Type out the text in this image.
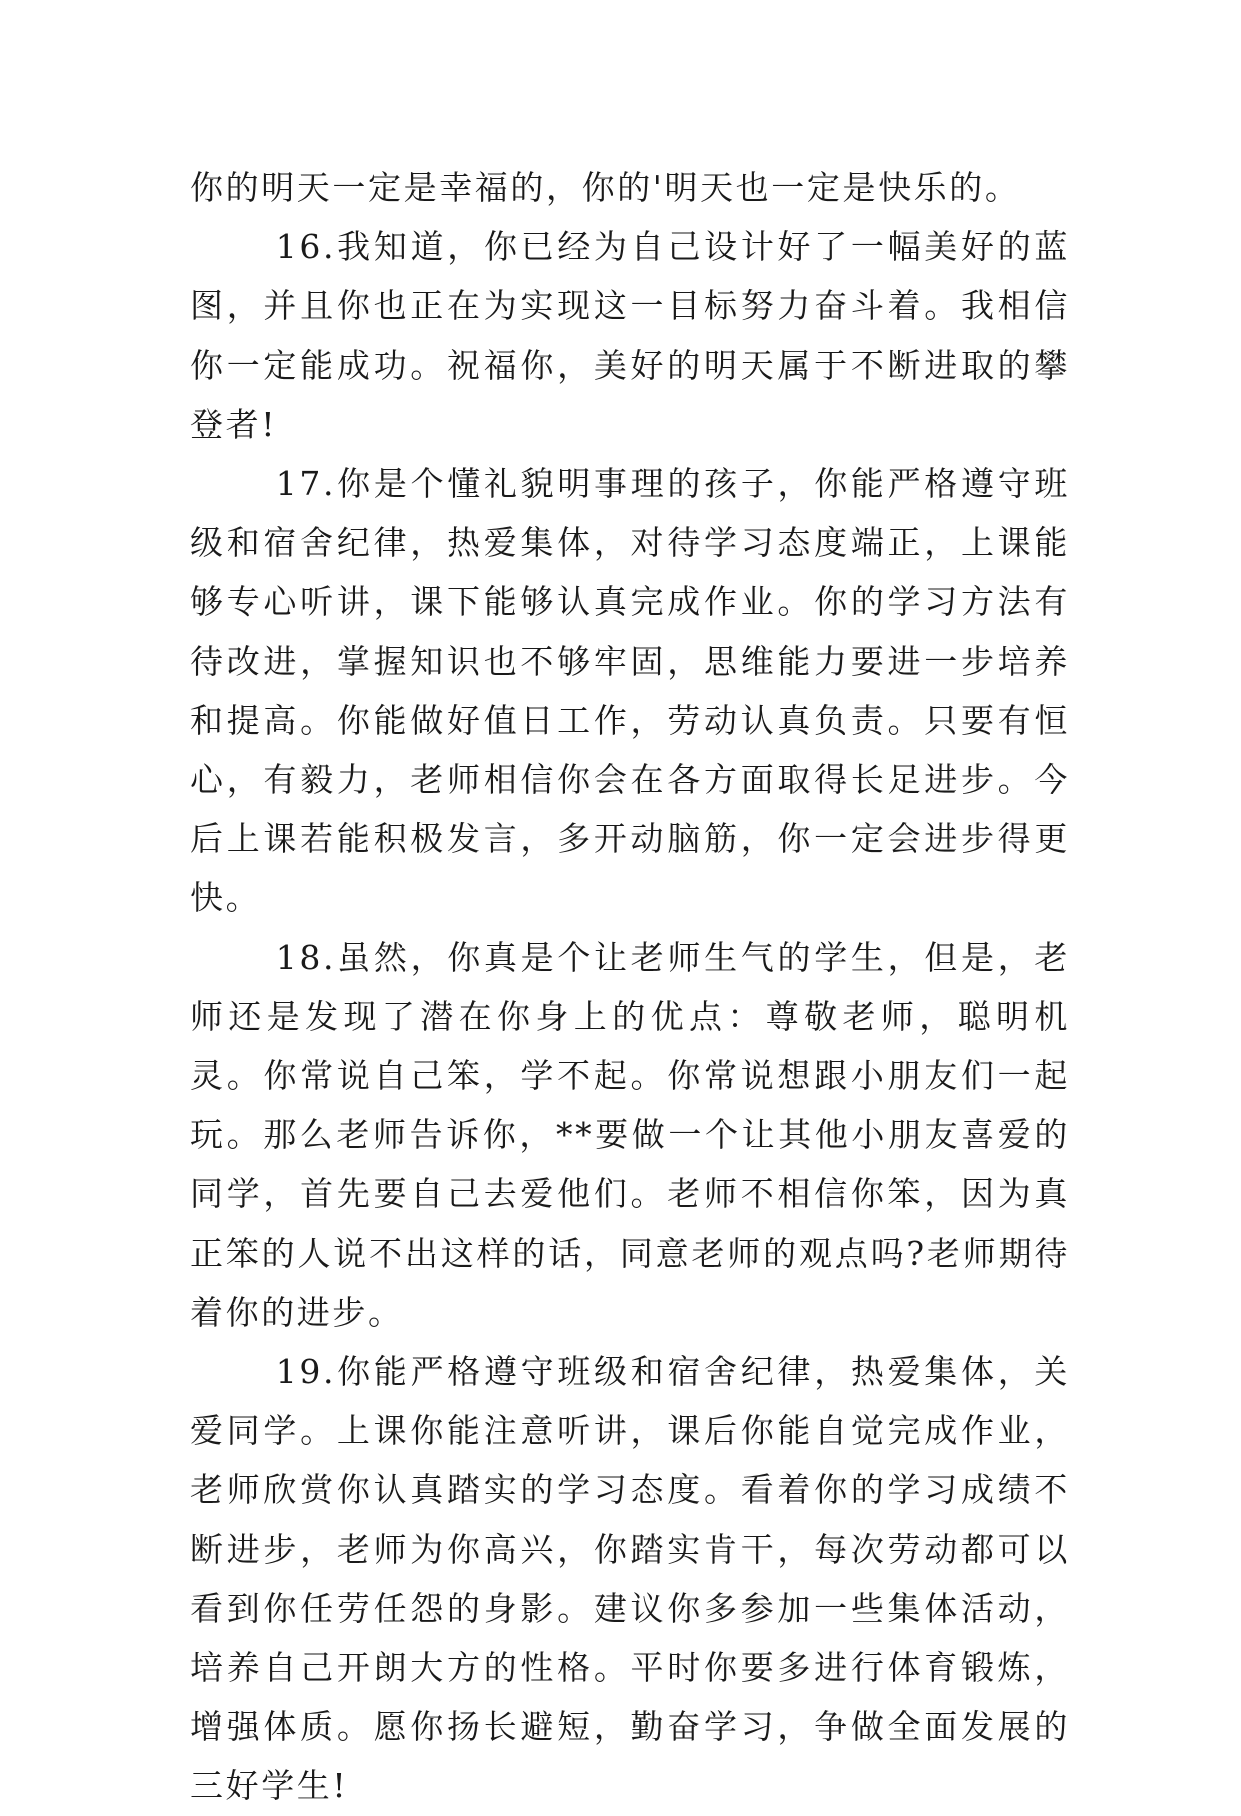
你的明天一定是幸福的，你的'明天也一定是快乐的。

16.我知道，你已经为自己设计好了一幅美好的蓝图，并且你也正在为实现这一目标努力奋斗着。我相信你一定能成功。祝福你，美好的明天属于不断进取的攀登者!

17.你是个懂礼貌明事理的孩子，你能严格遵守班级和宿舍纪律，热爱集体，对待学习态度端正，上课能够专心听讲，课下能够认真完成作业。你的学习方法有待改进，掌握知识也不够牢固，思维能力要进一步培养和提高。你能做好值日工作，劳动认真负责。只要有恒心，有毅力，老师相信你会在各方面取得长足进步。今后上课若能积极发言，多开动脑筋，你一定会进步得更快。

18.虽然，你真是个让老师生气的学生，但是，老师还是发现了潜在你身上的优点：尊敬老师，聪明机灵。你常说自己笨，学不起。你常说想跟小朋友们一起玩。那么老师告诉你，**要做一个让其他小朋友喜爱的同学，首先要自己去爱他们。老师不相信你笨，因为真正笨的人说不出这样的话，同意老师的观点吗?老师期待着你的进步。

19.你能严格遵守班级和宿舍纪律，热爱集体，关爱同学。上课你能注意听讲，课后你能自觉完成作业，老师欣赏你认真踏实的学习态度。看着你的学习成绩不断进步，老师为你高兴，你踏实肯干，每次劳动都可以看到你任劳任怨的身影。建议你多参加一些集体活动，培养自己开朗大方的性格。平时你要多进行体育锻炼，增强体质。愿你扬长避短，勤奋学习，争做全面发展的三好学生!
